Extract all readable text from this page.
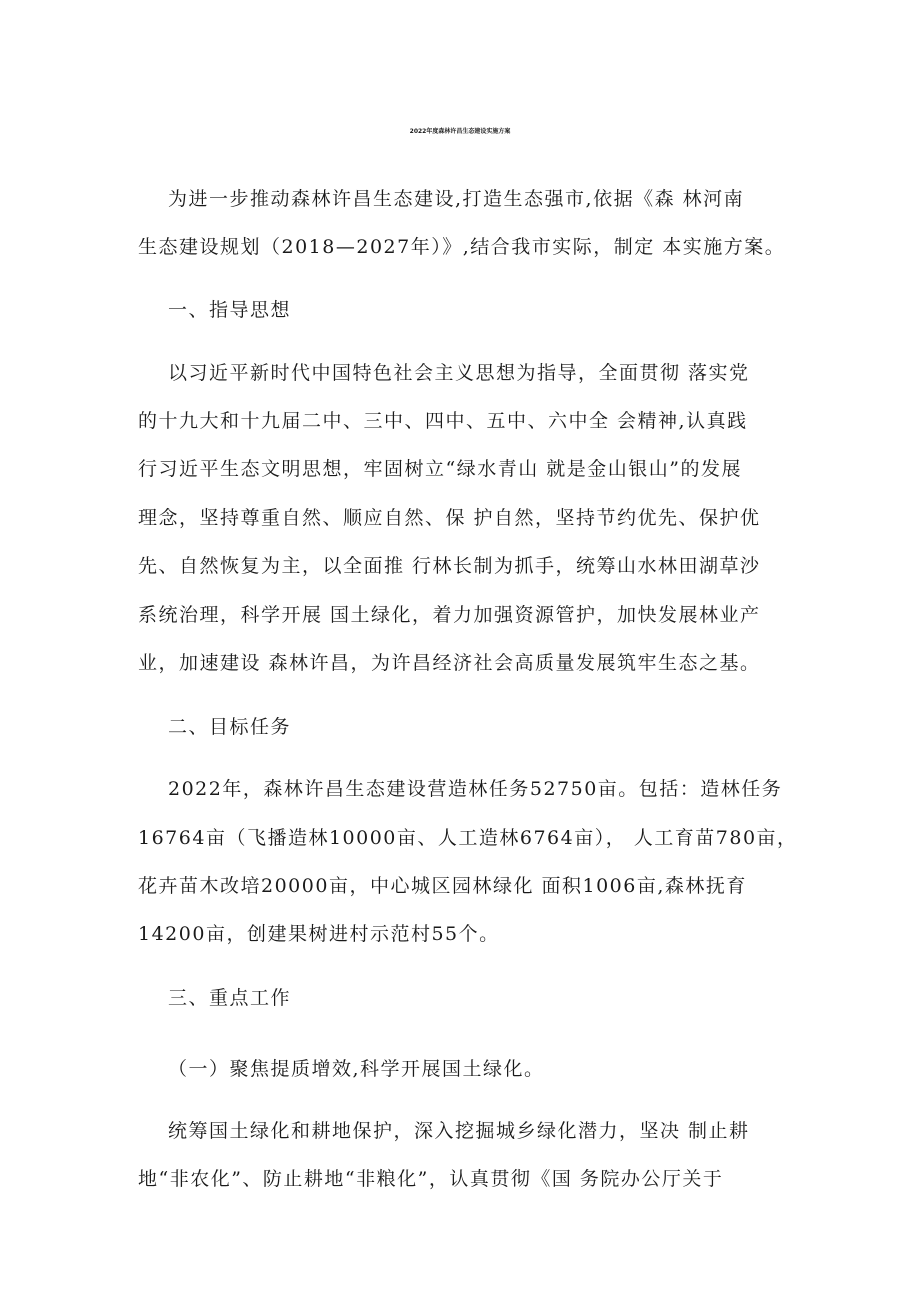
2022年度森林许昌生态建设实施方案
为进一步推动森林许昌生态建设,打造生态强市,依据《森 林河南
生态建设规划（2018—2027年）》,结合我市实际，制定 本实施方案。
一、指导思想
以习近平新时代中国特色社会主义思想为指导，全面贯彻 落实党
的十九大和十九届二中、三中、四中、五中、六中全 会精神,认真践
行习近平生态文明思想，牢固树立“绿水青山 就是金山银山”的发展
理念，坚持尊重自然、顺应自然、保 护自然，坚持节约优先、保护优
先、自然恢复为主，以全面推 行林长制为抓手，统筹山水林田湖草沙
系统治理，科学开展 国土绿化，着力加强资源管护，加快发展林业产
业，加速建设 森林许昌，为许昌经济社会高质量发展筑牢生态之基。
二、目标任务
2022年，森林许昌生态建设营造林任务52750亩。包括：造林任务
16764亩（飞播造林10000亩、人工造林6764亩）， 人工育苗780亩，
花卉苗木改培20000亩，中心城区园林绿化 面积1006亩,森林抚育
14200亩，创建果树进村示范村55个。
三、重点工作
（一）聚焦提质增效,科学开展国土绿化。
统筹国土绿化和耕地保护，深入挖掘城乡绿化潜力，坚决 制止耕
地“非农化”、防止耕地“非粮化”，认真贯彻《国 务院办公厅关于
